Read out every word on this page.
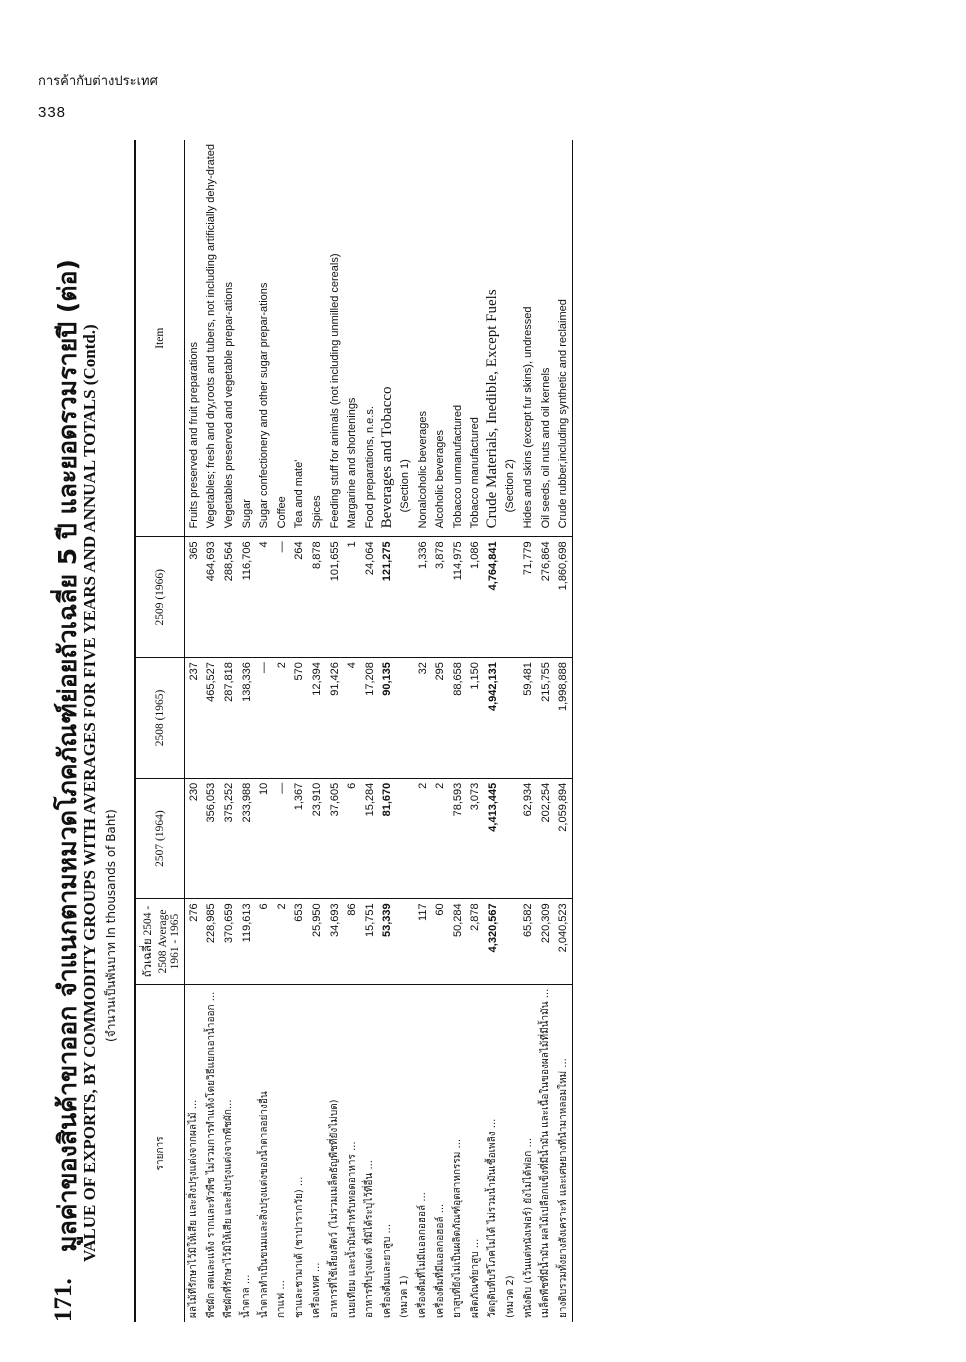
การค้ากับต่างประเทศ
338
171.
มูลค่าของสินค้าขาออก จำแนกตามหมวดโภคภัณฑ์ย่อยถัวเฉลี่ย 5 ปี และยอดรวมรายปี (ต่อ)
VALUE OF EXPORTS, BY COMMODITY GROUPS WITH AVERAGES FOR FIVE YEARS AND ANNUAL TOTALS (Contd.) (จำนวนเป็นพันบาท In thousands of Baht)
รายการ	ถัวเฉลี่ย 2504 - 2508 Average 1961 - 1965	2507 (1964)	2508 (1965)	2509 (1966)	Item
ผลไม้ที่รักษาไว้มิให้เสีย และสิ่งปรุงแต่งจากผลไม้ ...	276	230	237	365	Fruits preserved and fruit preparations
พืชผัก สดและแห้ง รากและหัวพืช ไม่รวมการทำแห้งโดยวิธีแยกเอาน้ำออก ...	228,985	356,053	465,527	464,693	Vegetables; fresh and dry,roots and tubers, not including artificially dehy-drated
พืชผักที่รักษาไว้มิให้เสีย และสิ่งปรุงแต่งจากพืชผัก...	370,659	375,252	287,818	288,564	Vegetables preserved and vegetable prepar-ations
น้ำตาล ...	119,613	233,988	138,336	116,706	Sugar
น้ำตาลทำเป็นขนมและสิ่งปรุงแต่งของน้ำตาลอย่างอื่น	6	10	—	4	Sugar confectionery and other sugar prepar-ations
กาแฟ ...	2	—	2	—	Coffee
ชาและชามาเต้ (ชาปารากวัย) ...	653	1,367	570	264	Tea and mate'
เครื่องเทศ ...	25,950	23,910	12,394	8,878	Spices
อาหารที่ใช้เลี้ยงสัตว์ (ไม่รวมเมล็ดธัญพืชที่ยังไม่บด)	34,693	37,605	91,426	101,655	Feeding stuff for animals (not including unmilled cereals)
เนยเทียม และน้ำมันสำหรับทอดอาหาร ...	86	6	4	1	Margarine and shortenings
อาหารที่ปรุงแต่ง ที่มิได้ระบุไว้ที่อื่น ...	15,751	15,284	17,208	24,064	Food preparations, n.e.s.
เครื่องดื่มและยาสูบ ...	53,339	81,670	90,135	121,275	Beverages and Tobacco
(หมวด 1)					(Section 1)
เครื่องดื่มที่ไม่มีแอลกอฮอล์ ...	117	2	32	1,336	Nonalcoholic beverages
เครื่องดื่มที่มีแอลกอฮอล์ ...	60	2	295	3,878	Alcoholic beverages
ยาสูบที่ยังไม่เป็นผลิตภัณฑ์อุตสาหกรรม ...	50,284	78,593	88,658	114,975	Tobacco unmanufactured
ผลิตภัณฑ์ยาสูบ ...	2,878	3,073	1,150	1,086	Tobacco manufactured
วัตถุดิบที่บริโภคไม่ได้ ไม่รวมน้ำมันเชื้อเพลิง ...	4,320,567	4,413,445	4,942,131	4,764,841	Crude Materials, Inedible, Except Fuels
(หมวด 2)					(Section 2)
หนังดิบ (เว้นแต่หนังเฟอร์) ยังไม่ได้ฟอก ...	65,582	62,934	59,481	71,779	Hides and skins (except fur skins), undressed
เมล็ดพืชที่มีน้ำมัน ผลไม้เปลือกแข็งที่มีน้ำมัน และเนื้อในของผลไม้ที่มีน้ำมัน ...	220,309	202,254	215,755	276,864	Oil seeds, oil nuts and oil kernels
ยางดิบรวมทั้งยางสังเคราะห์ และเศษยางที่นำมาหลอมใหม่ ...	2,040,523	2,059,894	1,998,888	1,860,698	Crude rubber,including synthetic and reclaimed
